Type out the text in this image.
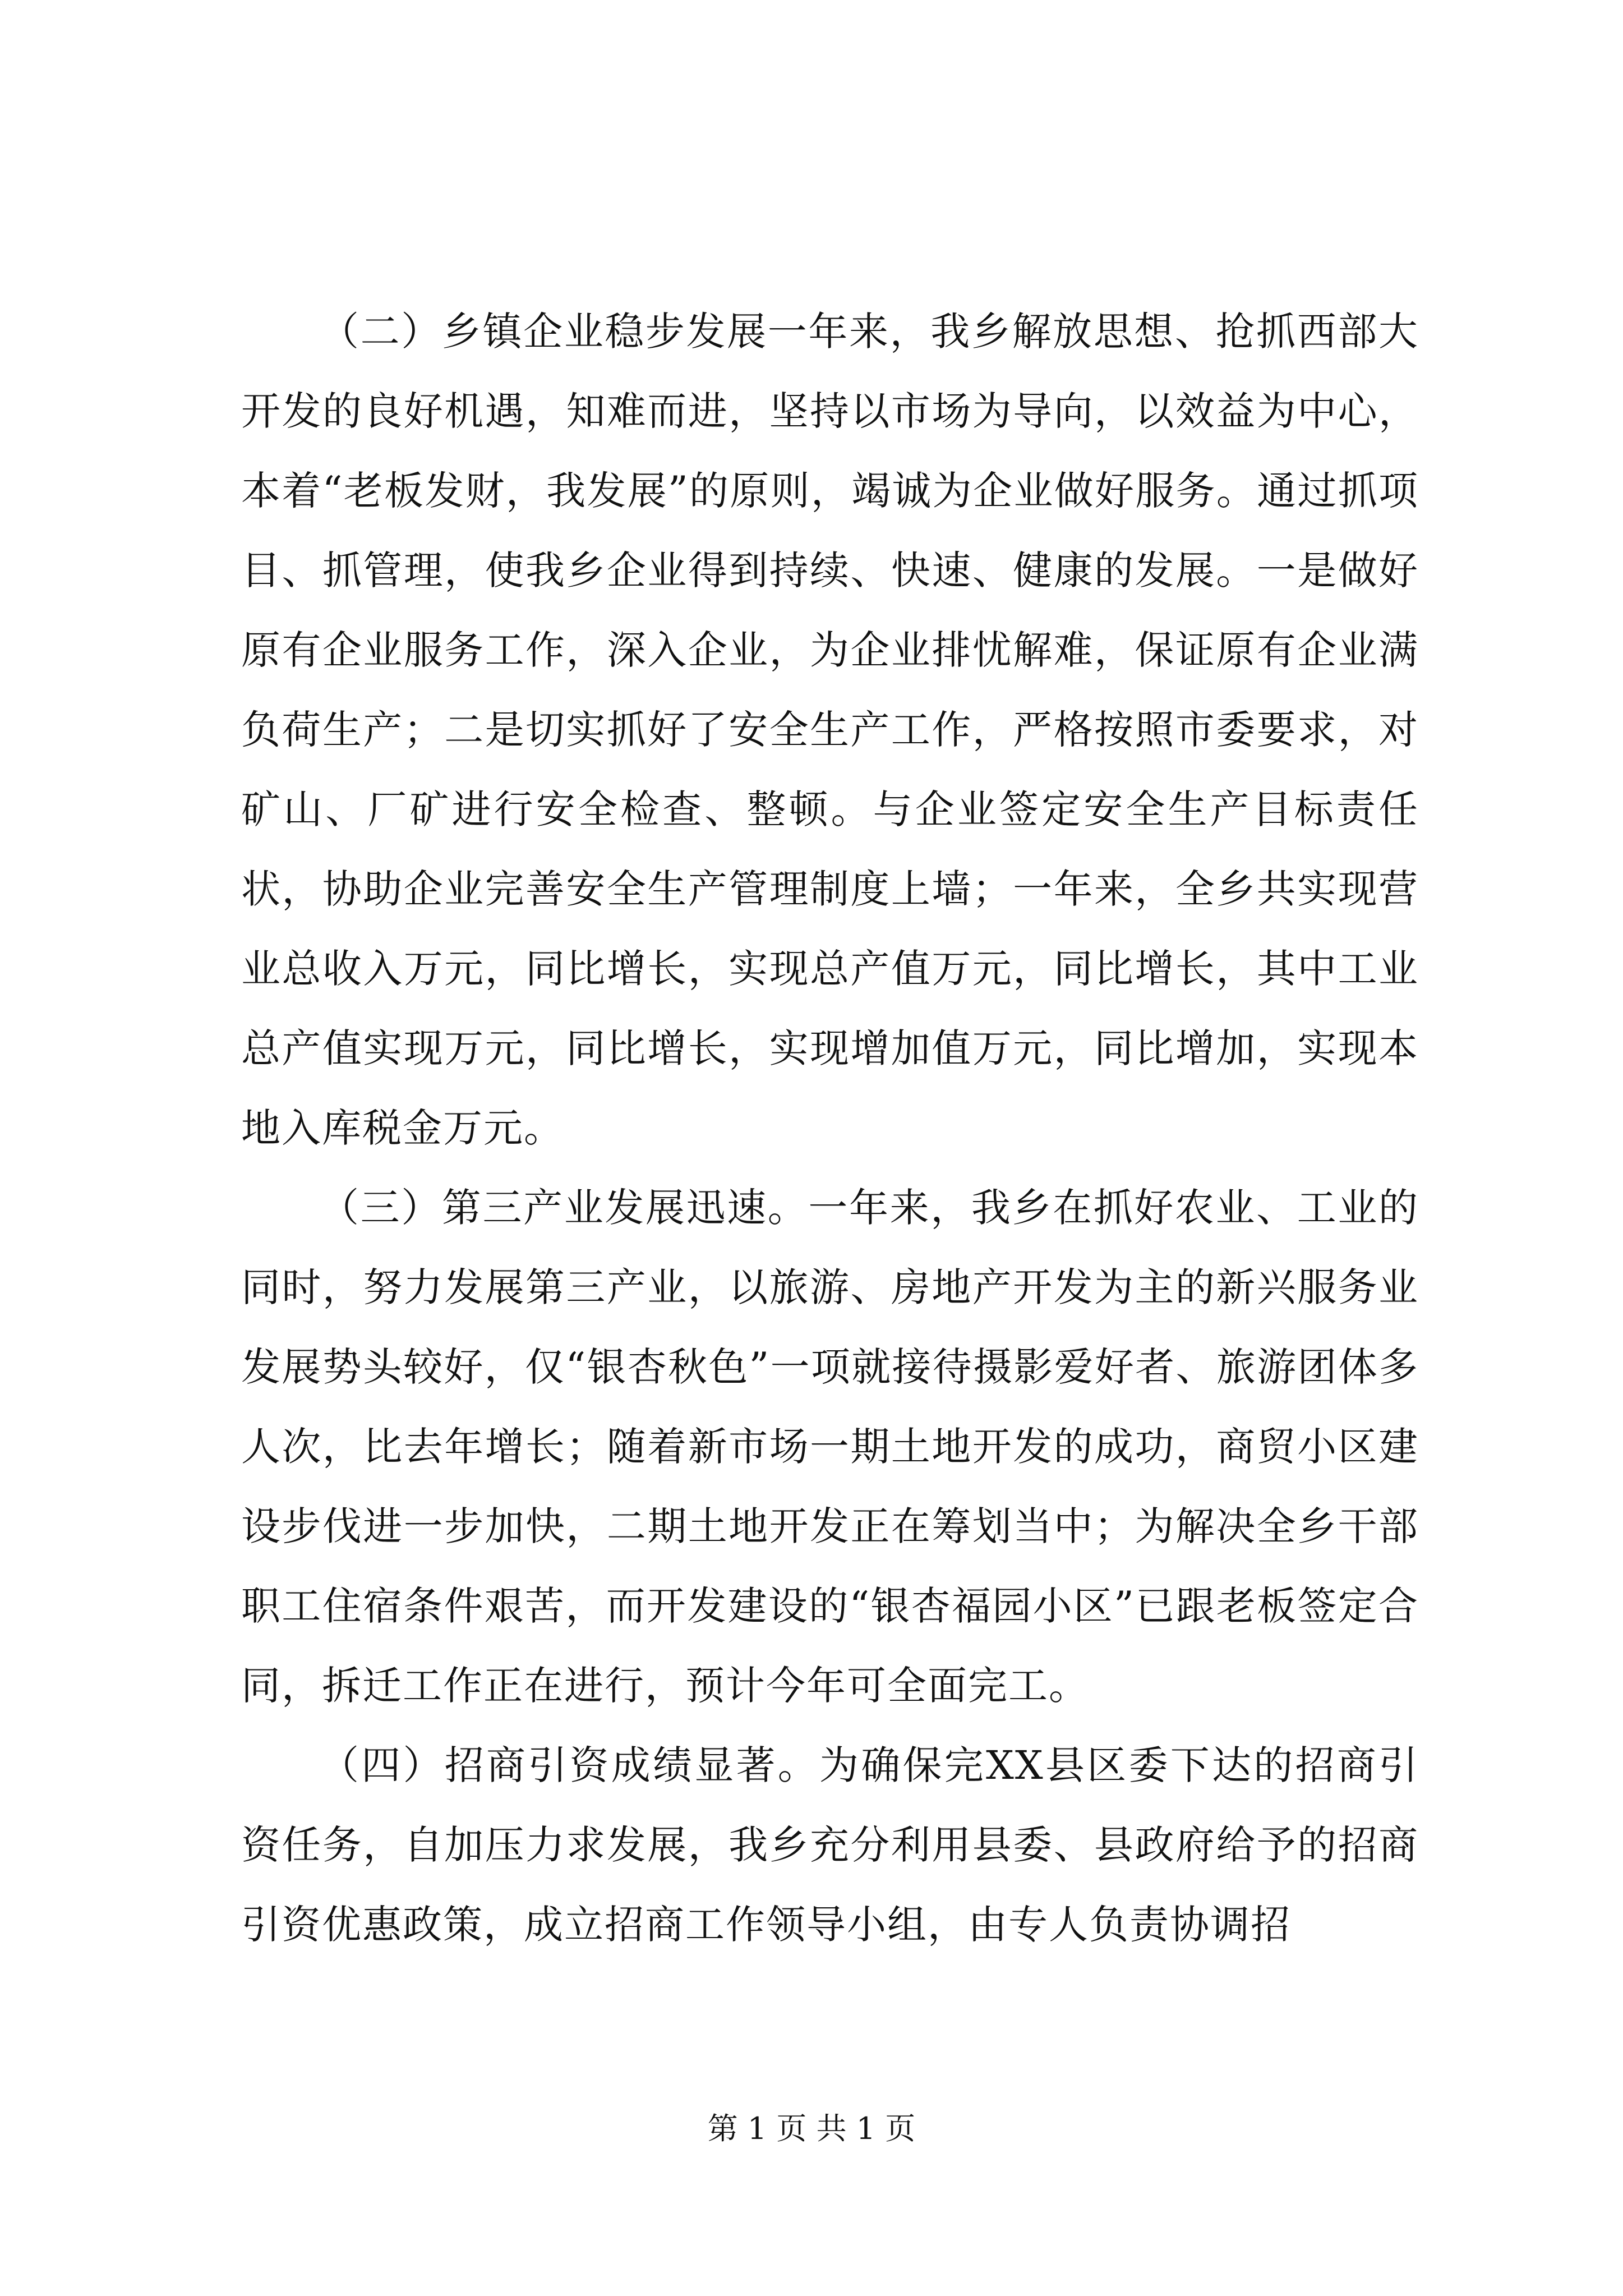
（二）乡镇企业稳步发展一年来，我乡解放思想、抢抓西部大开发的良好机遇，知难而进，坚持以市场为导向，以效益为中心，本着“老板发财，我发展”的原则，竭诚为企业做好服务。通过抓项目、抓管理，使我乡企业得到持续、快速、健康的发展。一是做好原有企业服务工作，深入企业，为企业排忧解难，保证原有企业满负荷生产；二是切实抓好了安全生产工作，严格按照市委要求，对矿山、厂矿进行安全检查、整顿。与企业签定安全生产目标责任状，协助企业完善安全生产管理制度上墙；一年来，全乡共实现营业总收入万元，同比增长，实现总产值万元，同比增长，其中工业总产值实现万元，同比增长，实现增加值万元，同比增加，实现本地入库税金万元。

（三）第三产业发展迅速。一年来，我乡在抓好农业、工业的同时，努力发展第三产业，以旅游、房地产开发为主的新兴服务业发展势头较好，仅“银杏秋色”一项就接待摄影爱好者、旅游团体多人次，比去年增长；随着新市场一期土地开发的成功，商贸小区建设步伐进一步加快，二期土地开发正在筹划当中；为解决全乡干部职工住宿条件艰苦，而开发建设的“银杏福园小区”已跟老板签定合同，拆迁工作正在进行，预计今年可全面完工。

（四）招商引资成绩显著。为确保完XX县区委下达的招商引资任务，自加压力求发展，我乡充分利用县委、县政府给予的招商引资优惠政策，成立招商工作领导小组，由专人负责协调招

第 1 页 共 1 页
